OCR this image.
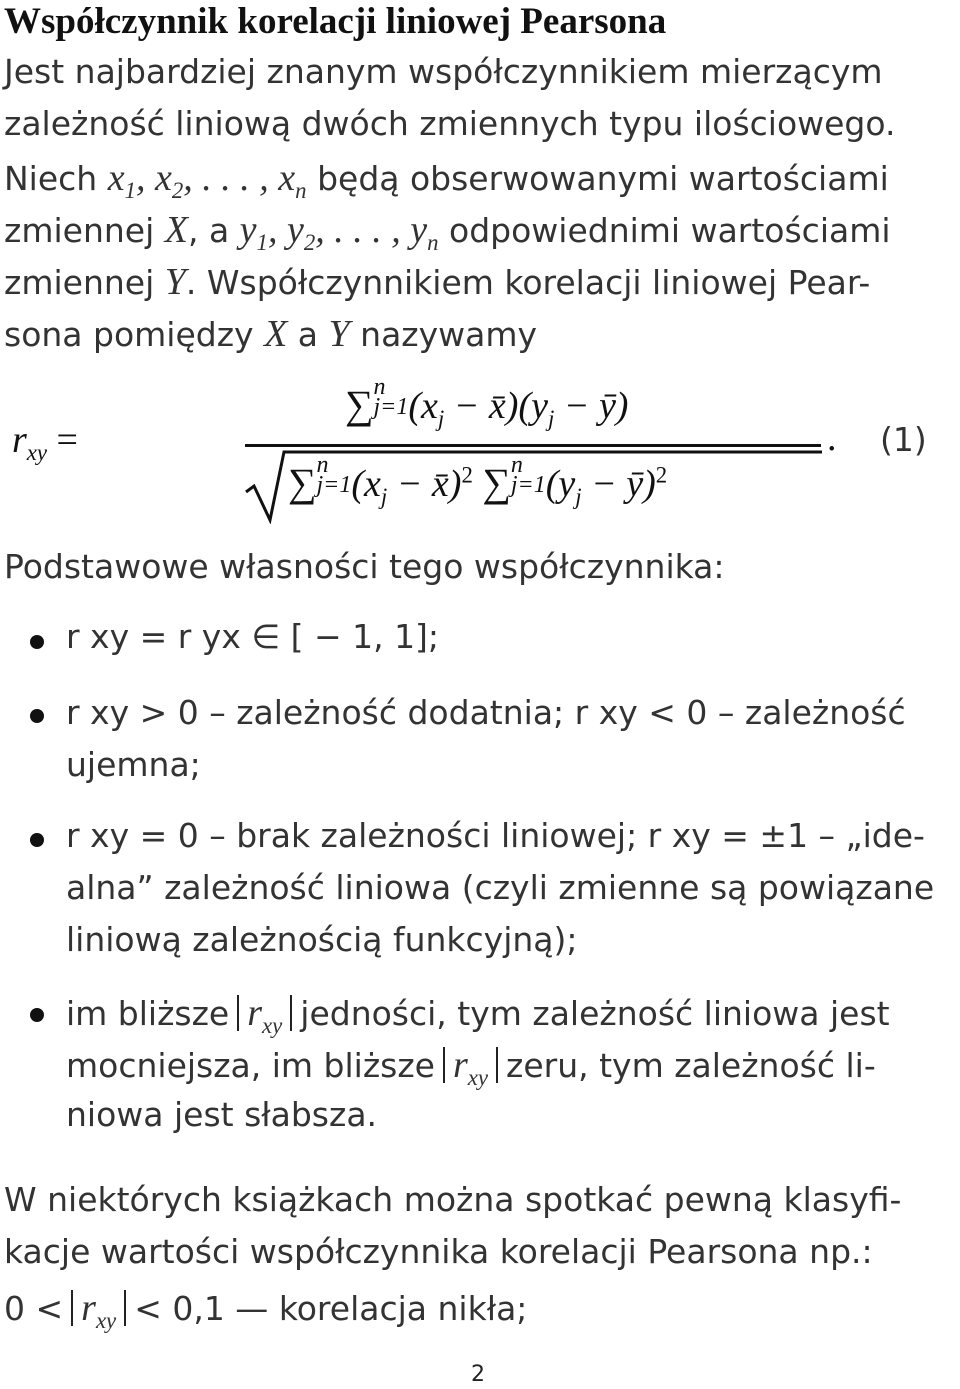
Współczynnik korelacji liniowej Pearsona
Jest najbardziej znanym współczynnikiem mierzącym
zależność liniową dwóch zmiennych typu ilościowego.
Niech $x_1$, $x_2$, . . . , $x_n$ będą obserwowanymi wartościami
zmiennej X, a $y_1$, $y_2$, . . . , $y_n$ odpowiednimi wartościami
zmiennej Y. Współczynnikiem korelacji liniowej Pear-
sona pomiędzy X a Y nazywamy
$r_{xy}$ =
∑ n
j=1 ($x_j$ − $x̄)(y_j$ − ȳ)
∑ n
j=1 ($x_j$ − x̄)$^2$ ∑ n
j=1 ($y_j$ − ȳ)$^2$
. (1)
Podstawowe własności tego współczynnika:
r xy = r yx ∈ [ − 1, 1];
r xy > 0 – zależność dodatnia; r xy < 0 – zależność
ujemna;
r xy = 0 – brak zależności liniowej; r xy = ±1 – „ide-
alna” zależność liniowa (czyli zmienne są powiązane
liniową zależnością funkcyjną);
im bliższe $r_{xy}$ jedności, tym zależność liniowa jest
mocniejsza, im bliższe $r_{xy}$ zeru, tym zależność li-
niowa jest słabsza.
W niektórych książkach można spotkać pewną klasyfi-
kacje wartości współczynnika korelacji Pearsona np.:
$0 < r_{xy} < 0,1$ — korelacja nikła;
2
